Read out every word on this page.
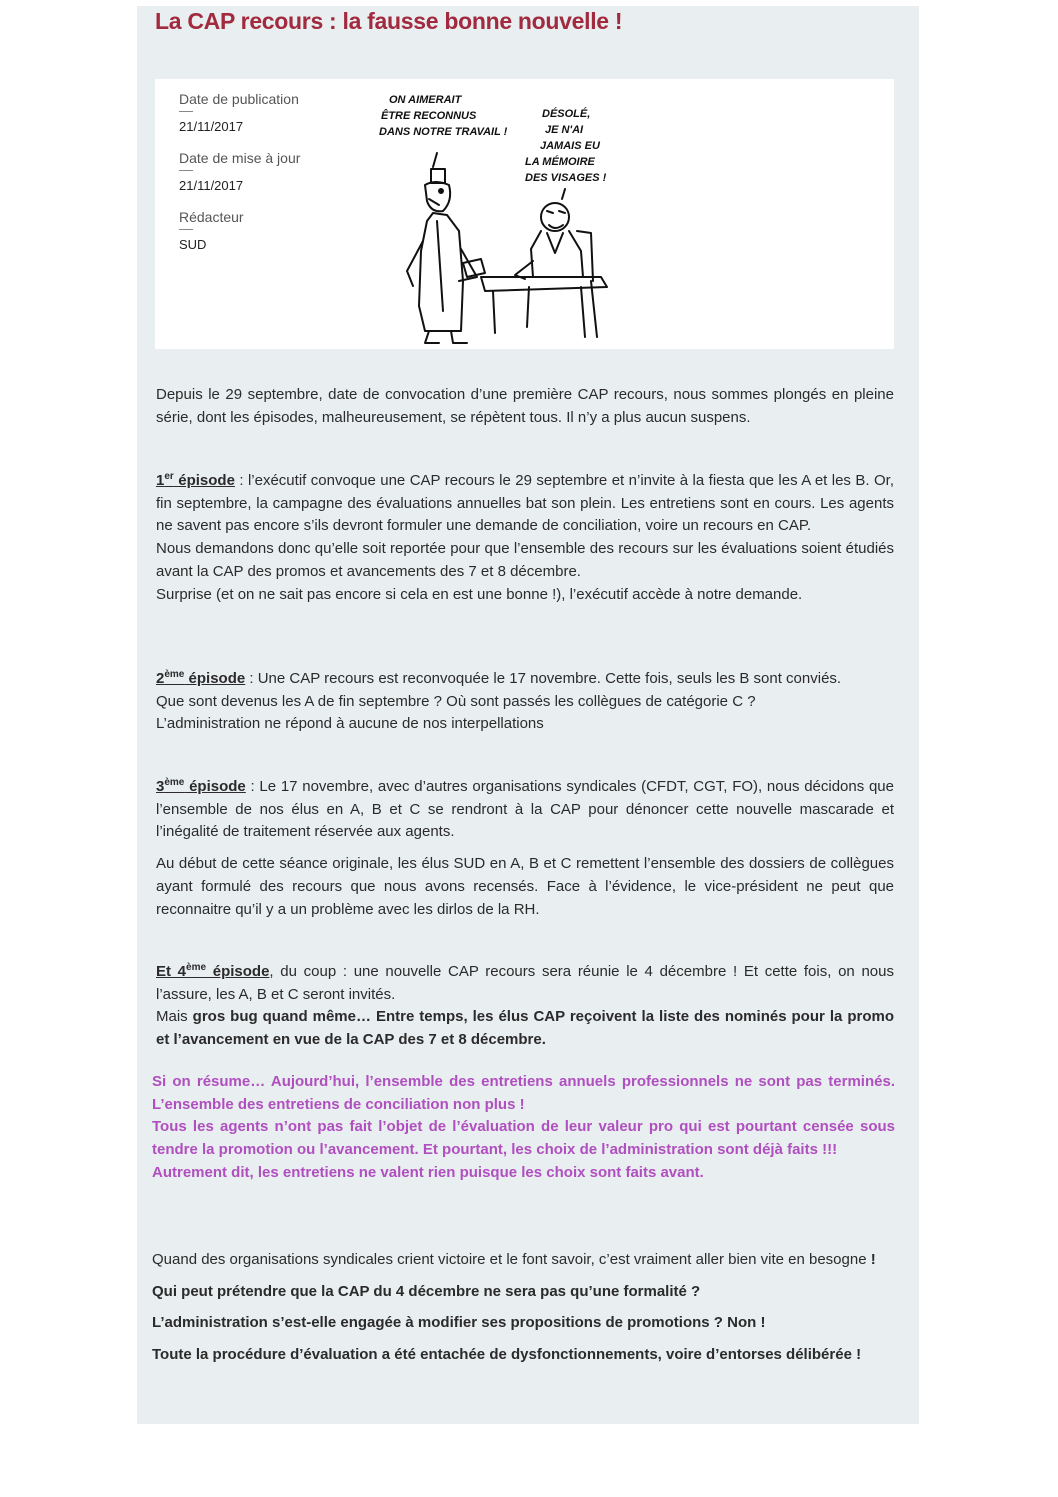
La CAP recours : la fausse bonne nouvelle !
Date de publication
21/11/2017
Date de mise à jour
21/11/2017
Rédacteur
SUD
ON AIMERAIT
ÊTRE RECONNUS
DANS NOTRE TRAVAIL !
DÉSOLÉ,
JE N'AI
JAMAIS EU
LA MÉMOIRE
DES VISAGES !

Depuis le 29 septembre, date de convocation d’une première CAP recours, nous sommes plongés en pleine série, dont les épisodes, malheureusement, se répètent tous. Il n’y a plus aucun suspens.

1er épisode : l’exécutif convoque une CAP recours le 29 septembre et n’invite à la fiesta que les A et les B. Or, fin septembre, la campagne des évaluations annuelles bat son plein. Les entretiens sont en cours. Les agents ne savent pas encore s’ils devront formuler une demande de conciliation, voire un recours en CAP.

Nous demandons donc qu’elle soit reportée pour que l’ensemble des recours sur les évaluations soient étudiés avant la CAP des promos et avancements des 7 et 8 décembre.

Surprise (et on ne sait pas encore si cela en est une bonne !), l’exécutif accède à notre demande.

2ème épisode : Une CAP recours est reconvoquée le 17 novembre. Cette fois, seuls les B sont conviés.

Que sont devenus les A de fin septembre ? Où sont passés les collègues de catégorie C ?

L’administration ne répond à aucune de nos interpellations

3ème épisode : Le 17 novembre, avec d’autres organisations syndicales (CFDT, CGT, FO), nous décidons que l’ensemble de nos élus en A, B et C se rendront à la CAP pour dénoncer cette nouvelle mascarade et l’inégalité de traitement réservée aux agents.

Au début de cette séance originale, les élus SUD en A, B et C remettent l’ensemble des dossiers de collègues ayant formulé des recours que nous avons recensés. Face à l’évidence, le vice-président ne peut que reconnaitre qu’il y a un problème avec les dirlos de la RH.

Et 4ème épisode, du coup : une nouvelle CAP recours sera réunie le 4 décembre ! Et cette fois, on nous l’assure, les A, B et C seront invités.

Mais gros bug quand même… Entre temps, les élus CAP reçoivent la liste des nominés pour la promo et l’avancement en vue de la CAP des 7 et 8 décembre.

Si on résume… Aujourd’hui, l’ensemble des entretiens annuels professionnels ne sont pas terminés. L’ensemble des entretiens de conciliation non plus !

Tous les agents n’ont pas fait l’objet de l’évaluation de leur valeur pro qui est pourtant censée sous tendre la promotion ou l’avancement. Et pourtant, les choix de l’administration sont déjà faits !!!

Autrement dit, les entretiens ne valent rien puisque les choix sont faits avant.

Quand des organisations syndicales crient victoire et le font savoir, c’est vraiment aller bien vite en besogne !

Qui peut prétendre que la CAP du 4 décembre ne sera pas qu’une formalité ?

L’administration s’est-elle engagée à modifier ses propositions de promotions ? Non !

Toute la procédure d’évaluation a été entachée de dysfonctionnements, voire d’entorses délibérée !
